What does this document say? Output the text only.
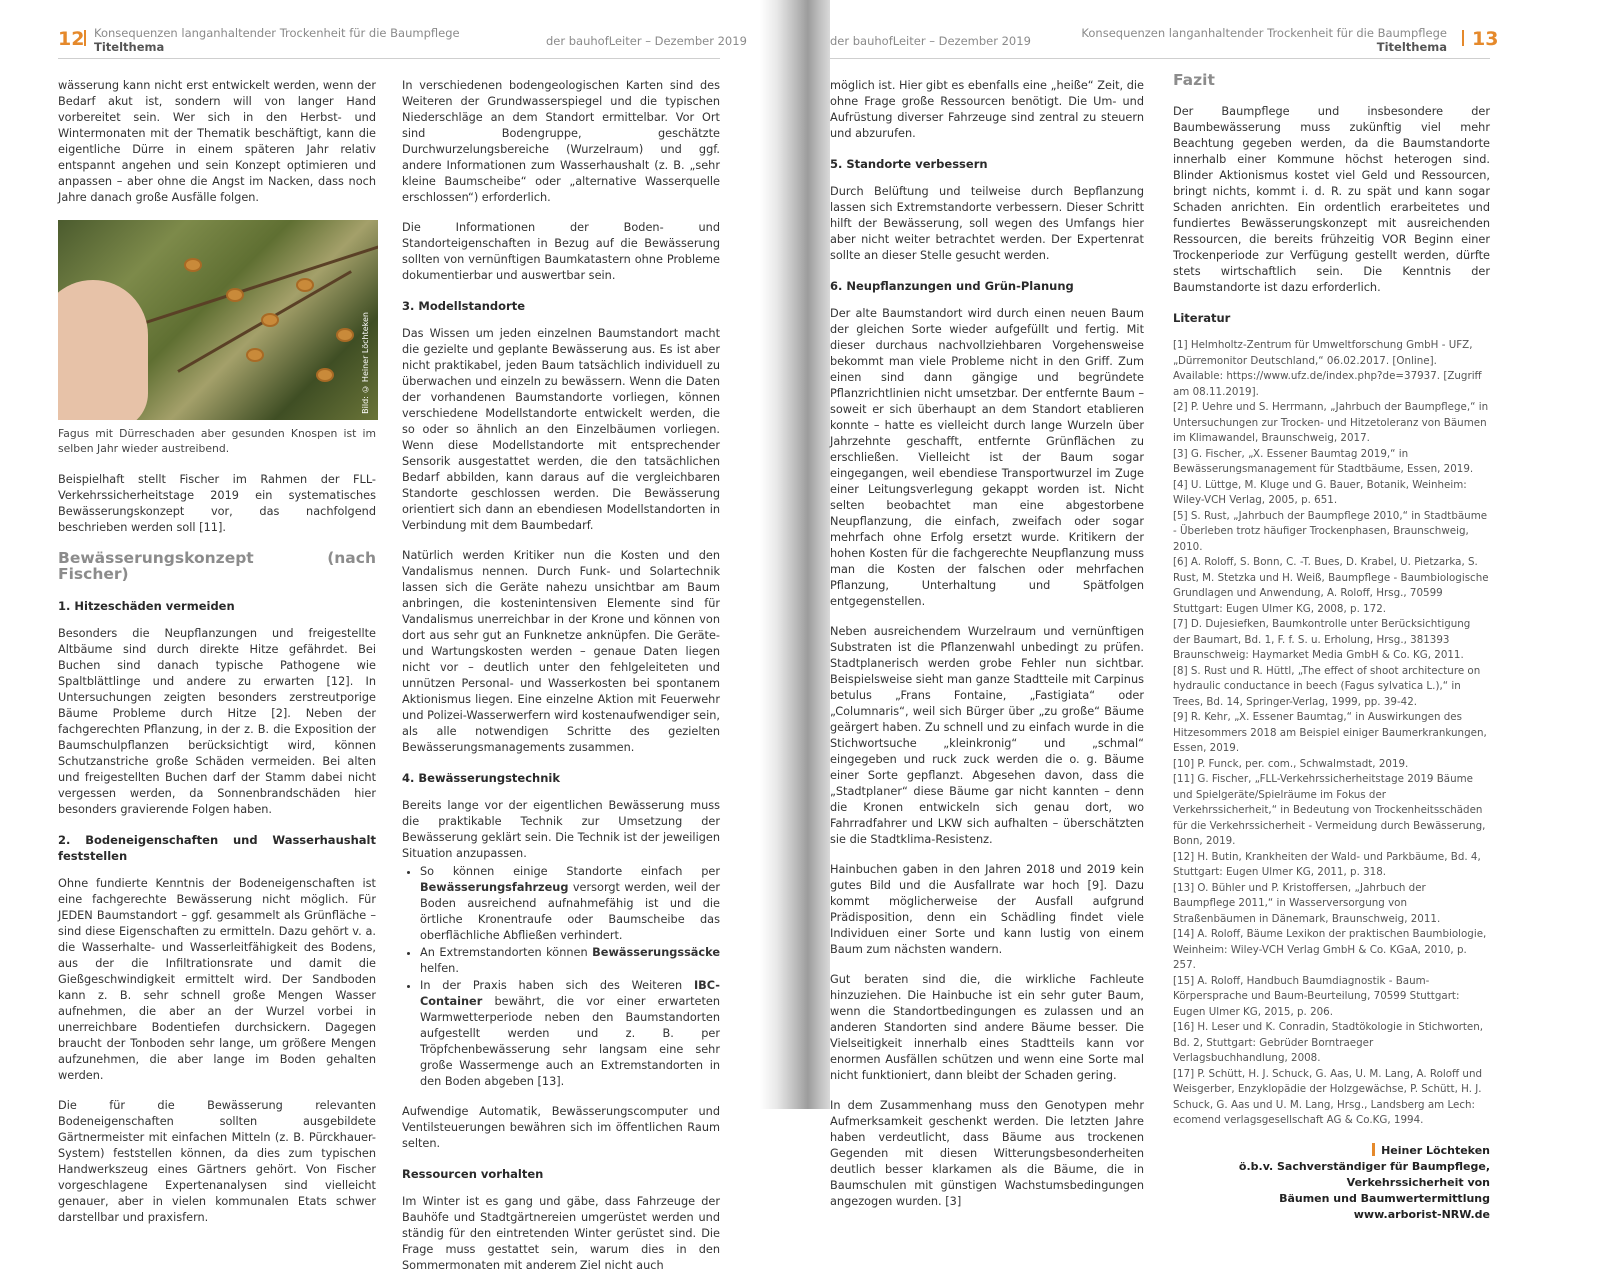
12 Konsequenzen langanhaltender Trockenheit für die Baumpflege
Titelthema	der bauhofLeiter – Dezember 2019

wässerung kann nicht erst entwickelt werden, wenn der Bedarf akut ist, sondern will von langer Hand vorbereitet sein. Wer sich in den Herbst- und Wintermonaten mit der Thematik beschäftigt, kann die eigentliche Dürre in einem späteren Jahr relativ entspannt angehen und sein Konzept optimieren und anpassen – aber ohne die Angst im Nacken, dass noch Jahre danach große Ausfälle folgen.

Bild: © Heiner Löchteken
Fagus mit Dürreschaden aber gesunden Knospen ist im selben Jahr wieder austreibend.

Beispielhaft stellt Fischer im Rahmen der FLL-Verkehrssicherheitstage 2019 ein systematisches Bewässerungskonzept vor, das nachfolgend beschrieben werden soll [11].

Bewässerungskonzept (nach Fischer)
1. Hitzeschäden vermeiden

Besonders die Neupflanzungen und freigestellte Altbäume sind durch direkte Hitze gefährdet. Bei Buchen sind danach typische Pathogene wie Spaltblättlinge und andere zu erwarten [12]. In Untersuchungen zeigten besonders zerstreutporige Bäume Probleme durch Hitze [2]. Neben der fachgerechten Pflanzung, in der z. B. die Exposition der Baumschulpflanzen berücksichtigt wird, können Schutzanstriche große Schäden vermeiden. Bei alten und freigestellten Buchen darf der Stamm dabei nicht vergessen werden, da Sonnenbrandschäden hier besonders gravierende Folgen haben.

2. Bodeneigenschaften und Wasserhaushalt feststellen

Ohne fundierte Kenntnis der Bodeneigenschaften ist eine fachgerechte Bewässerung nicht möglich. Für JEDEN Baumstandort – ggf. gesammelt als Grünfläche – sind diese Eigenschaften zu ermitteln. Dazu gehört v. a. die Wasserhalte- und Wasserleitfähigkeit des Bodens, aus der die Infiltrationsrate und damit die Gießgeschwindigkeit ermittelt wird. Der Sandboden kann z. B. sehr schnell große Mengen Wasser aufnehmen, die aber an der Wurzel vorbei in unerreichbare Bodentiefen durchsickern. Dagegen braucht der Tonboden sehr lange, um größere Mengen aufzunehmen, die aber lange im Boden gehalten werden.

Die für die Bewässerung relevanten Bodeneigenschaften sollten ausgebildete Gärtnermeister mit einfachen Mitteln (z. B. Pürckhauer-System) feststellen können, da dies zum typischen Handwerkszeug eines Gärtners gehört. Von Fischer vorgeschlagene Expertenanalysen sind vielleicht genauer, aber in vielen kommunalen Etats schwer darstellbar und praxisfern.

In verschiedenen bodengeologischen Karten sind des Weiteren der Grundwasserspiegel und die typischen Niederschläge an dem Standort ermittelbar. Vor Ort sind Bodengruppe, geschätzte Durchwurzelungsbereiche (Wurzelraum) und ggf. andere Informationen zum Wasserhaushalt (z. B. „sehr kleine Baumscheibe“ oder „alternative Wasserquelle erschlossen“) erforderlich.

Die Informationen der Boden- und Standorteigenschaften in Bezug auf die Bewässerung sollten von vernünftigen Baumkatastern ohne Probleme dokumentierbar und auswertbar sein.

3. Modellstandorte

Das Wissen um jeden einzelnen Baumstandort macht die gezielte und geplante Bewässerung aus. Es ist aber nicht praktikabel, jeden Baum tatsächlich individuell zu überwachen und einzeln zu bewässern. Wenn die Daten der vorhandenen Baumstandorte vorliegen, können verschiedene Modellstandorte entwickelt werden, die so oder so ähnlich an den Einzelbäumen vorliegen. Wenn diese Modellstandorte mit entsprechender Sensorik ausgestattet werden, die den tatsächlichen Bedarf abbilden, kann daraus auf die vergleichbaren Standorte geschlossen werden. Die Bewässerung orientiert sich dann an ebendiesen Modellstandorten in Verbindung mit dem Baumbedarf.

Natürlich werden Kritiker nun die Kosten und den Vandalismus nennen. Durch Funk- und Solartechnik lassen sich die Geräte nahezu unsichtbar am Baum anbringen, die kostenintensiven Elemente sind für Vandalismus unerreichbar in der Krone und können von dort aus sehr gut an Funknetze anknüpfen. Die Geräte- und Wartungskosten werden – genaue Daten liegen nicht vor – deutlich unter den fehlgeleiteten und unnützen Personal- und Wasserkosten bei spontanem Aktionismus liegen. Eine einzelne Aktion mit Feuerwehr und Polizei-Wasserwerfern wird kostenaufwendiger sein, als alle notwendigen Schritte des gezielten Bewässerungsmanagements zusammen.

4. Bewässerungstechnik

Bereits lange vor der eigentlichen Bewässerung muss die praktikable Technik zur Umsetzung der Bewässerung geklärt sein. Die Technik ist der jeweiligen Situation anzupassen.

• So können einige Standorte einfach per Bewässerungsfahrzeug versorgt werden, weil der Boden ausreichend aufnahmefähig ist und die örtliche Kronentraufe oder Baumscheibe das oberflächliche Abfließen verhindert.
• An Extremstandorten können Bewässerungssäcke helfen.
• In der Praxis haben sich des Weiteren IBC-Container bewährt, die vor einer erwarteten Warmwetterperiode neben den Baumstandorten aufgestellt werden und z. B. per Tröpfchenbewässerung sehr langsam eine sehr große Wassermenge auch an Extremstandorten in den Boden abgeben [13].

Aufwendige Automatik, Bewässerungscomputer und Ventilsteuerungen bewähren sich im öffentlichen Raum selten.

Ressourcen vorhalten

Im Winter ist es gang und gäbe, dass Fahrzeuge der Bauhöfe und Stadtgärtnereien umgerüstet werden und ständig für den eintretenden Winter gerüstet sind. Die Frage muss gestattet sein, warum dies in den Sommermonaten mit anderem Ziel nicht auch

der bauhofLeiter – Dezember 2019
Konsequenzen langanhaltender Trockenheit für die Baumpflege
Titelthema 13

möglich ist. Hier gibt es ebenfalls eine „heiße“ Zeit, die ohne Frage große Ressourcen benötigt. Die Um- und Aufrüstung diverser Fahrzeuge sind zentral zu steuern und abzurufen.

5. Standorte verbessern

Durch Belüftung und teilweise durch Bepflanzung lassen sich Extremstandorte verbessern. Dieser Schritt hilft der Bewässerung, soll wegen des Umfangs hier aber nicht weiter betrachtet werden. Der Expertenrat sollte an dieser Stelle gesucht werden.

6. Neupflanzungen und Grün-Planung

Der alte Baumstandort wird durch einen neuen Baum der gleichen Sorte wieder aufgefüllt und fertig. Mit dieser durchaus nachvollziehbaren Vorgehensweise bekommt man viele Probleme nicht in den Griff. Zum einen sind dann gängige und begründete Pflanzrichtlinien nicht umsetzbar. Der entfernte Baum – soweit er sich überhaupt an dem Standort etablieren konnte – hatte es vielleicht durch lange Wurzeln über Jahrzehnte geschafft, entfernte Grünflächen zu erschließen. Vielleicht ist der Baum sogar eingegangen, weil ebendiese Transportwurzel im Zuge einer Leitungsverlegung gekappt worden ist. Nicht selten beobachtet man eine abgestorbene Neupflanzung, die einfach, zweifach oder sogar mehrfach ohne Erfolg ersetzt wurde. Kritikern der hohen Kosten für die fachgerechte Neupflanzung muss man die Kosten der falschen oder mehrfachen Pflanzung, Unterhaltung und Spätfolgen entgegenstellen.

Neben ausreichendem Wurzelraum und vernünftigen Substraten ist die Pflanzenwahl unbedingt zu prüfen. Stadtplanerisch werden grobe Fehler nun sichtbar. Beispielsweise sieht man ganze Stadtteile mit Carpinus betulus „Frans Fontaine, „Fastigiata“ oder „Columnaris“, weil sich Bürger über „zu große“ Bäume geärgert haben. Zu schnell und zu einfach wurde in die Stichwortsuche „kleinkronig“ und „schmal“ eingegeben und ruck zuck werden die o. g. Bäume einer Sorte gepflanzt. Abgesehen davon, dass die „Stadtplaner“ diese Bäume gar nicht kannten – denn die Kronen entwickeln sich genau dort, wo Fahrradfahrer und LKW sich aufhalten – überschätzten sie die Stadtklima-Resistenz.

Hainbuchen gaben in den Jahren 2018 und 2019 kein gutes Bild und die Ausfallrate war hoch [9]. Dazu kommt möglicherweise der Ausfall aufgrund Prädisposition, denn ein Schädling findet viele Individuen einer Sorte und kann lustig von einem Baum zum nächsten wandern.

Gut beraten sind die, die wirkliche Fachleute hinzuziehen. Die Hainbuche ist ein sehr guter Baum, wenn die Standortbedingungen es zulassen und an anderen Standorten sind andere Bäume besser. Die Vielseitigkeit innerhalb eines Stadtteils kann vor enormen Ausfällen schützen und wenn eine Sorte mal nicht funktioniert, dann bleibt der Schaden gering.

In dem Zusammenhang muss den Genotypen mehr Aufmerksamkeit geschenkt werden. Die letzten Jahre haben verdeutlicht, dass Bäume aus trockenen Gegenden mit diesen Witterungsbesonderheiten deutlich besser klarkamen als die Bäume, die in Baumschulen mit günstigen Wachstumsbedingungen angezogen wurden. [3]

Fazit

Der Baumpflege und insbesondere der Baumbewässerung muss zukünftig viel mehr Beachtung gegeben werden, da die Baumstandorte innerhalb einer Kommune höchst heterogen sind. Blinder Aktionismus kostet viel Geld und Ressourcen, bringt nichts, kommt i. d. R. zu spät und kann sogar Schaden anrichten. Ein ordentlich erarbeitetes und fundiertes Bewässerungskonzept mit ausreichenden Ressourcen, die bereits frühzeitig VOR Beginn einer Trockenperiode zur Verfügung gestellt werden, dürfte stets wirtschaftlich sein. Die Kenntnis der Baumstandorte ist dazu erforderlich.

Literatur
[1] Helmholtz-Zentrum für Umweltforschung GmbH - UFZ, „Dürremonitor Deutschland,“ 06.02.2017. [Online]. Available: https://www.ufz.de/index.php?de=37937. [Zugriff am 08.11.2019].
[2] P. Uehre und S. Herrmann, „Jahrbuch der Baumpflege,“ in Untersuchungen zur Trocken- und Hitzetoleranz von Bäumen im Klimawandel, Braunschweig, 2017.
[3] G. Fischer, „X. Essener Baumtag 2019,“ in Bewässerungsmanagement für Stadtbäume, Essen, 2019.
[4] U. Lüttge, M. Kluge und G. Bauer, Botanik, Weinheim: Wiley-VCH Verlag, 2005, p. 651.
[5] S. Rust, „Jahrbuch der Baumpflege 2010,“ in Stadtbäume - Überleben trotz häufiger Trockenphasen, Braunschweig, 2010.
[6] A. Roloff, S. Bonn, C. -T. Bues, D. Krabel, U. Pietzarka, S. Rust, M. Stetzka und H. Weiß, Baumpflege - Baumbiologische Grundlagen und Anwendung, A. Roloff, Hrsg., 70599 Stuttgart: Eugen Ulmer KG, 2008, p. 172.
[7] D. Dujesiefken, Baumkontrolle unter Berücksichtigung der Baumart, Bd. 1, F. f. S. u. Erholung, Hrsg., 381393 Braunschweig: Haymarket Media GmbH & Co. KG, 2011.
[8] S. Rust und R. Hüttl, „The effect of shoot architecture on hydraulic conductance in beech (Fagus sylvatica L.),“ in Trees, Bd. 14, Springer-Verlag, 1999, pp. 39-42.
[9] R. Kehr, „X. Essener Baumtag,“ in Auswirkungen des Hitzesommers 2018 am Beispiel einiger Baumerkrankungen, Essen, 2019.
[10] P. Funck, per. com., Schwalmstadt, 2019.
[11] G. Fischer, „FLL-Verkehrssicherheitstage 2019 Bäume und Spielgeräte/Spielräume im Fokus der Verkehrssicherheit,“ in Bedeutung von Trockenheitsschäden für die Verkehrssicherheit - Vermeidung durch Bewässerung, Bonn, 2019.
[12] H. Butin, Krankheiten der Wald- und Parkbäume, Bd. 4, Stuttgart: Eugen Ulmer KG, 2011, p. 318.
[13] O. Bühler und P. Kristoffersen, „Jahrbuch der Baumpflege 2011,“ in Wasserversorgung von Straßenbäumen in Dänemark, Braunschweig, 2011.
[14] A. Roloff, Bäume Lexikon der praktischen Baumbiologie, Weinheim: Wiley-VCH Verlag GmbH & Co. KGaA, 2010, p. 257.
[15] A. Roloff, Handbuch Baumdiagnostik - Baum-Körpersprache und Baum-Beurteilung, 70599 Stuttgart: Eugen Ulmer KG, 2015, p. 206.
[16] H. Leser und K. Conradin, Stadtökologie in Stichworten, Bd. 2, Stuttgart: Gebrüder Borntraeger Verlagsbuchhandlung, 2008.
[17] P. Schütt, H. J. Schuck, G. Aas, U. M. Lang, A. Roloff und Weisgerber, Enzyklopädie der Holzgewächse, P. Schütt, H. J. Schuck, G. Aas und U. M. Lang, Hrsg., Landsberg am Lech: ecomend verlagsgesellschaft AG & Co.KG, 1994.
Heiner Löchteken
ö.b.v. Sachverständiger für Baumpflege, Verkehrssicherheit von
Bäumen und Baumwertermittlung
www.arborist-NRW.de
